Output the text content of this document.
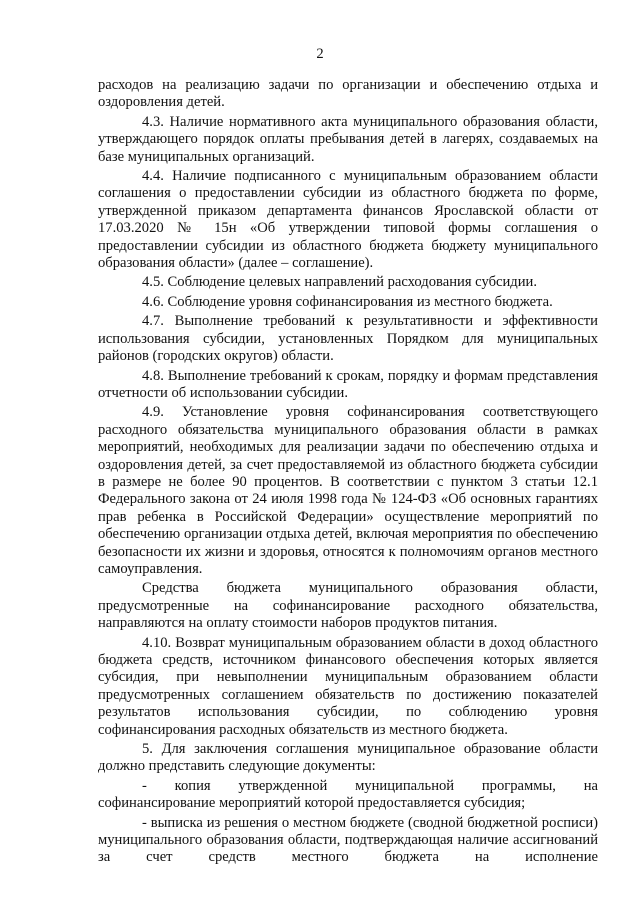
2

расходов на реализацию задачи по организации и обеспечению отдыха и оздоровления детей.

4.3. Наличие нормативного акта муниципального образования области, утверждающего порядок оплаты пребывания детей в лагерях, создаваемых на базе муниципальных организаций.

4.4. Наличие подписанного с муниципальным образованием области соглашения о предоставлении субсидии из областного бюджета по форме, утвержденной приказом департамента финансов Ярославской области от 17.03.2020 № 15н «Об утверждении типовой формы соглашения о предоставлении субсидии из областного бюджета бюджету муниципального образования области» (далее – соглашение).

4.5. Соблюдение целевых направлений расходования субсидии.

4.6. Соблюдение уровня софинансирования из местного бюджета.

4.7. Выполнение требований к результативности и эффективности использования субсидии, установленных Порядком для муниципальных районов (городских округов) области.

4.8. Выполнение требований к срокам, порядку и формам представления отчетности об использовании субсидии.

4.9. Установление уровня софинансирования соответствующего расходного обязательства муниципального образования области в рамках мероприятий, необходимых для реализации задачи по обеспечению отдыха и оздоровления детей, за счет предоставляемой из областного бюджета субсидии в размере не более 90 процентов. В соответствии с пунктом 3 статьи 12.1 Федерального закона от 24 июля 1998 года № 124-ФЗ «Об основных гарантиях прав ребенка в Российской Федерации» осуществление мероприятий по обеспечению организации отдыха детей, включая мероприятия по обеспечению безопасности их жизни и здоровья, относятся к полномочиям органов местного самоуправления.

Средства бюджета муниципального образования области, предусмотренные на софинансирование расходного обязательства, направляются на оплату стоимости наборов продуктов питания.

4.10. Возврат муниципальным образованием области в доход областного бюджета средств, источником финансового обеспечения которых является субсидия, при невыполнении муниципальным образованием области предусмотренных соглашением обязательств по достижению показателей результатов использования субсидии, по соблюдению уровня софинансирования расходных обязательств из местного бюджета.

5. Для заключения соглашения муниципальное образование области должно представить следующие документы:

- копия утвержденной муниципальной программы, на софинансирование мероприятий которой предоставляется субсидия;

- выписка из решения о местном бюджете (сводной бюджетной росписи) муниципального образования области, подтверждающая наличие ассигнований за счет средств местного бюджета на исполнение
